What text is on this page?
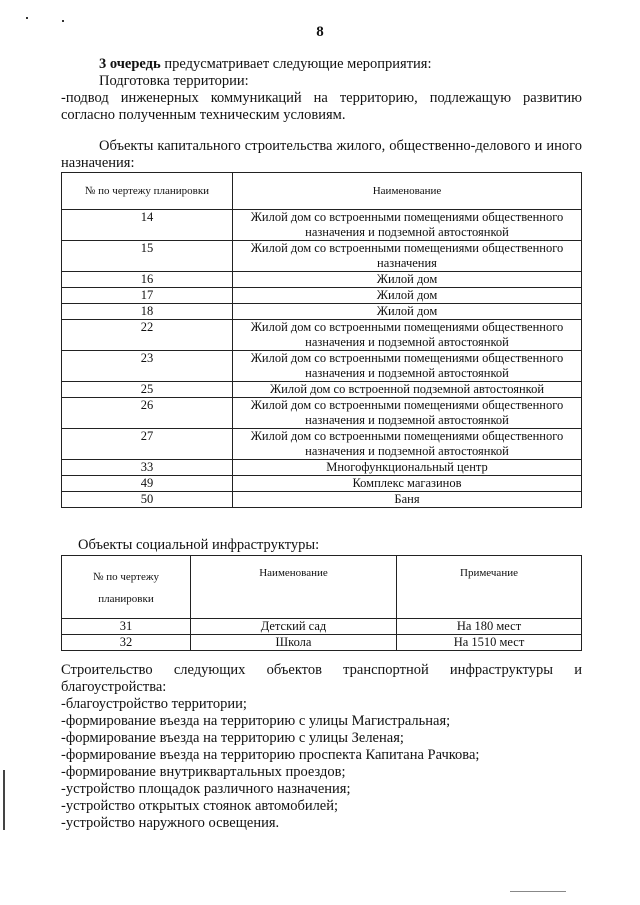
8

3 очередь предусматривает следующие мероприятия:

Подготовка территории:

-подвод инженерных коммуникаций на территорию, подлежащую развитию согласно полученным техническим условиям.

Объекты капитального строительства жилого, общественно-делового и иного назначения:

№ по чертежу планировки	Наименование
14	Жилой дом со встроенными помещениями общественного назначения и подземной автостоянкой
15	Жилой дом со встроенными помещениями общественного назначения
16	Жилой дом
17	Жилой дом
18	Жилой дом
22	Жилой дом со встроенными помещениями общественного назначения и подземной автостоянкой
23	Жилой дом со встроенными помещениями общественного назначения и подземной автостоянкой
25	Жилой дом со встроенной подземной автостоянкой
26	Жилой дом со встроенными помещениями общественного назначения и подземной автостоянкой
27	Жилой дом со встроенными помещениями общественного назначения и подземной автостоянкой
33	Многофункциональный центр
49	Комплекс магазинов
50	Баня
Объекты социальной инфраструктуры:
№ по чертежу планировки	Наименование	Примечание
31	Детский сад	На 180 мест
32	Школа	На 1510 мест

Строительство следующих объектов транспортной инфраструктуры и благоустройства:

-благоустройство территории;

-формирование въезда на территорию с улицы Магистральная;

-формирование въезда на территорию с улицы Зеленая;

-формирование въезда на территорию проспекта Капитана Рачкова;

-формирование внутриквартальных проездов;

-устройство площадок различного назначения;

-устройство открытых стоянок автомобилей;

-устройство наружного освещения.
